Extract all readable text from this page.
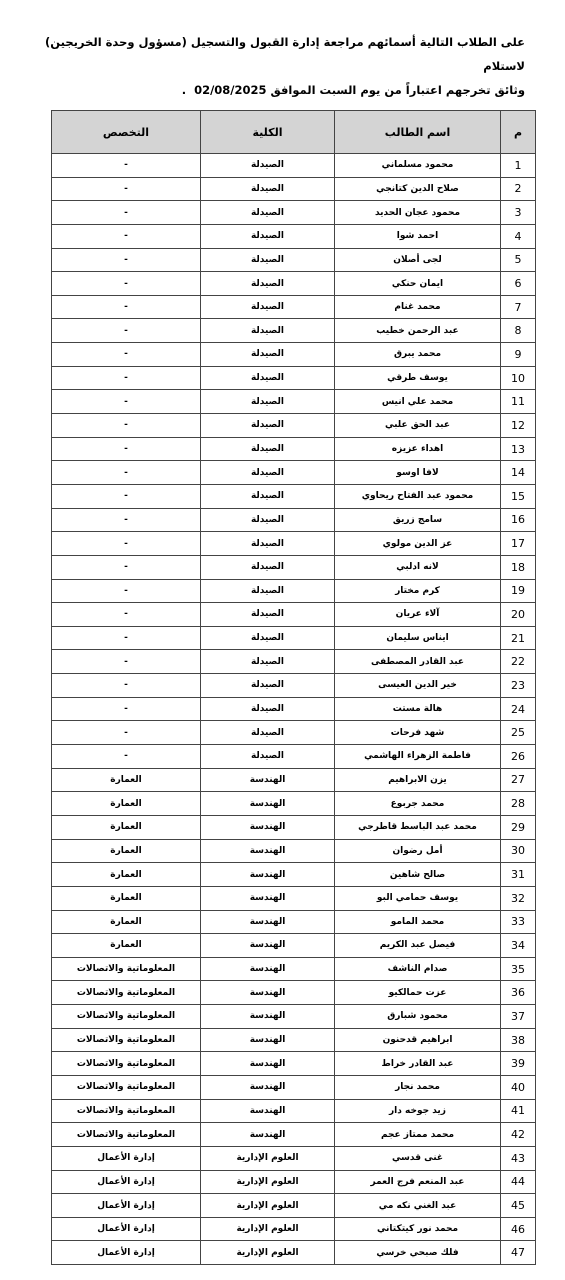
على الطلاب التالية أسمائهم مراجعة إدارة القبول والتسجيل (مسؤول وحدة الخريجين) لاستلام
وثائق تخرجهم اعتباراً من يوم السبت الموافق 02/08/2025.
م	اسم الطالب	الكلية	التخصص
1	محمود مسلماني	الصيدلة	-
2	صلاح الدين كتانجي	الصيدلة	-
3	محمود عجان الحديد	الصيدلة	-
4	احمد شوا	الصيدلة	-
5	لجى أصلان	الصيدلة	-
6	ايمان حنكي	الصيدلة	-
7	محمد غنام	الصيدلة	-
8	عبد الرحمن خطيب	الصيدلة	-
9	محمد يبرق	الصيدلة	-
10	يوسف طرقي	الصيدلة	-
11	محمد علي انيس	الصيدلة	-
12	عبد الحق علبي	الصيدلة	-
13	اهداء عزيزه	الصيدلة	-
14	لافا اوسو	الصيدلة	-
15	محمود عبد الفتاح ريحاوي	الصيدلة	-
16	سامج زريق	الصيدلة	-
17	عز الدين مولوي	الصيدلة	-
18	لانه ادلبي	الصيدلة	-
19	كرم مختار	الصيدلة	-
20	آلاء عريان	الصيدلة	-
21	ايناس سليمان	الصيدلة	-
22	عبد القادر المصطفى	الصيدلة	-
23	خير الدين العيسى	الصيدلة	-
24	هالة مستت	الصيدلة	-
25	شهد فرحات	الصيدلة	-
26	فاطمة الزهراء الهاشمي	الصيدلة	-
27	يزن الابراهيم	الهندسة	العمارة
28	محمد جربوع	الهندسة	العمارة
29	محمد عبد الباسط قاطرجي	الهندسة	العمارة
30	أمل رضوان	الهندسة	العمارة
31	صالح شاهين	الهندسة	العمارة
32	يوسف حمامي البو	الهندسة	العمارة
33	محمد المامو	الهندسة	العمارة
34	فيصل عبد الكريم	الهندسة	العمارة
35	صدام الناشف	الهندسة	المعلوماتية والاتصالات
36	عزت حمالكيو	الهندسة	المعلوماتية والاتصالات
37	محمود شبارق	الهندسة	المعلوماتية والاتصالات
38	ابراهيم قدحنون	الهندسة	المعلوماتية والاتصالات
39	عبد القادر خراط	الهندسة	المعلوماتية والاتصالات
40	محمد نجار	الهندسة	المعلوماتية والاتصالات
41	زيد جوخه دار	الهندسة	المعلوماتية والاتصالات
42	محمد ممتاز عجم	الهندسة	المعلوماتية والاتصالات
43	غنى قدسي	العلوم الإدارية	إدارة الأعمال
44	عبد المنعم فرج العمر	العلوم الإدارية	إدارة الأعمال
45	عبد الغني نكه مي	العلوم الإدارية	إدارة الأعمال
46	محمد نور كيتكتاني	العلوم الإدارية	إدارة الأعمال
47	فلك صبحي خرسي	العلوم الإدارية	إدارة الأعمال
